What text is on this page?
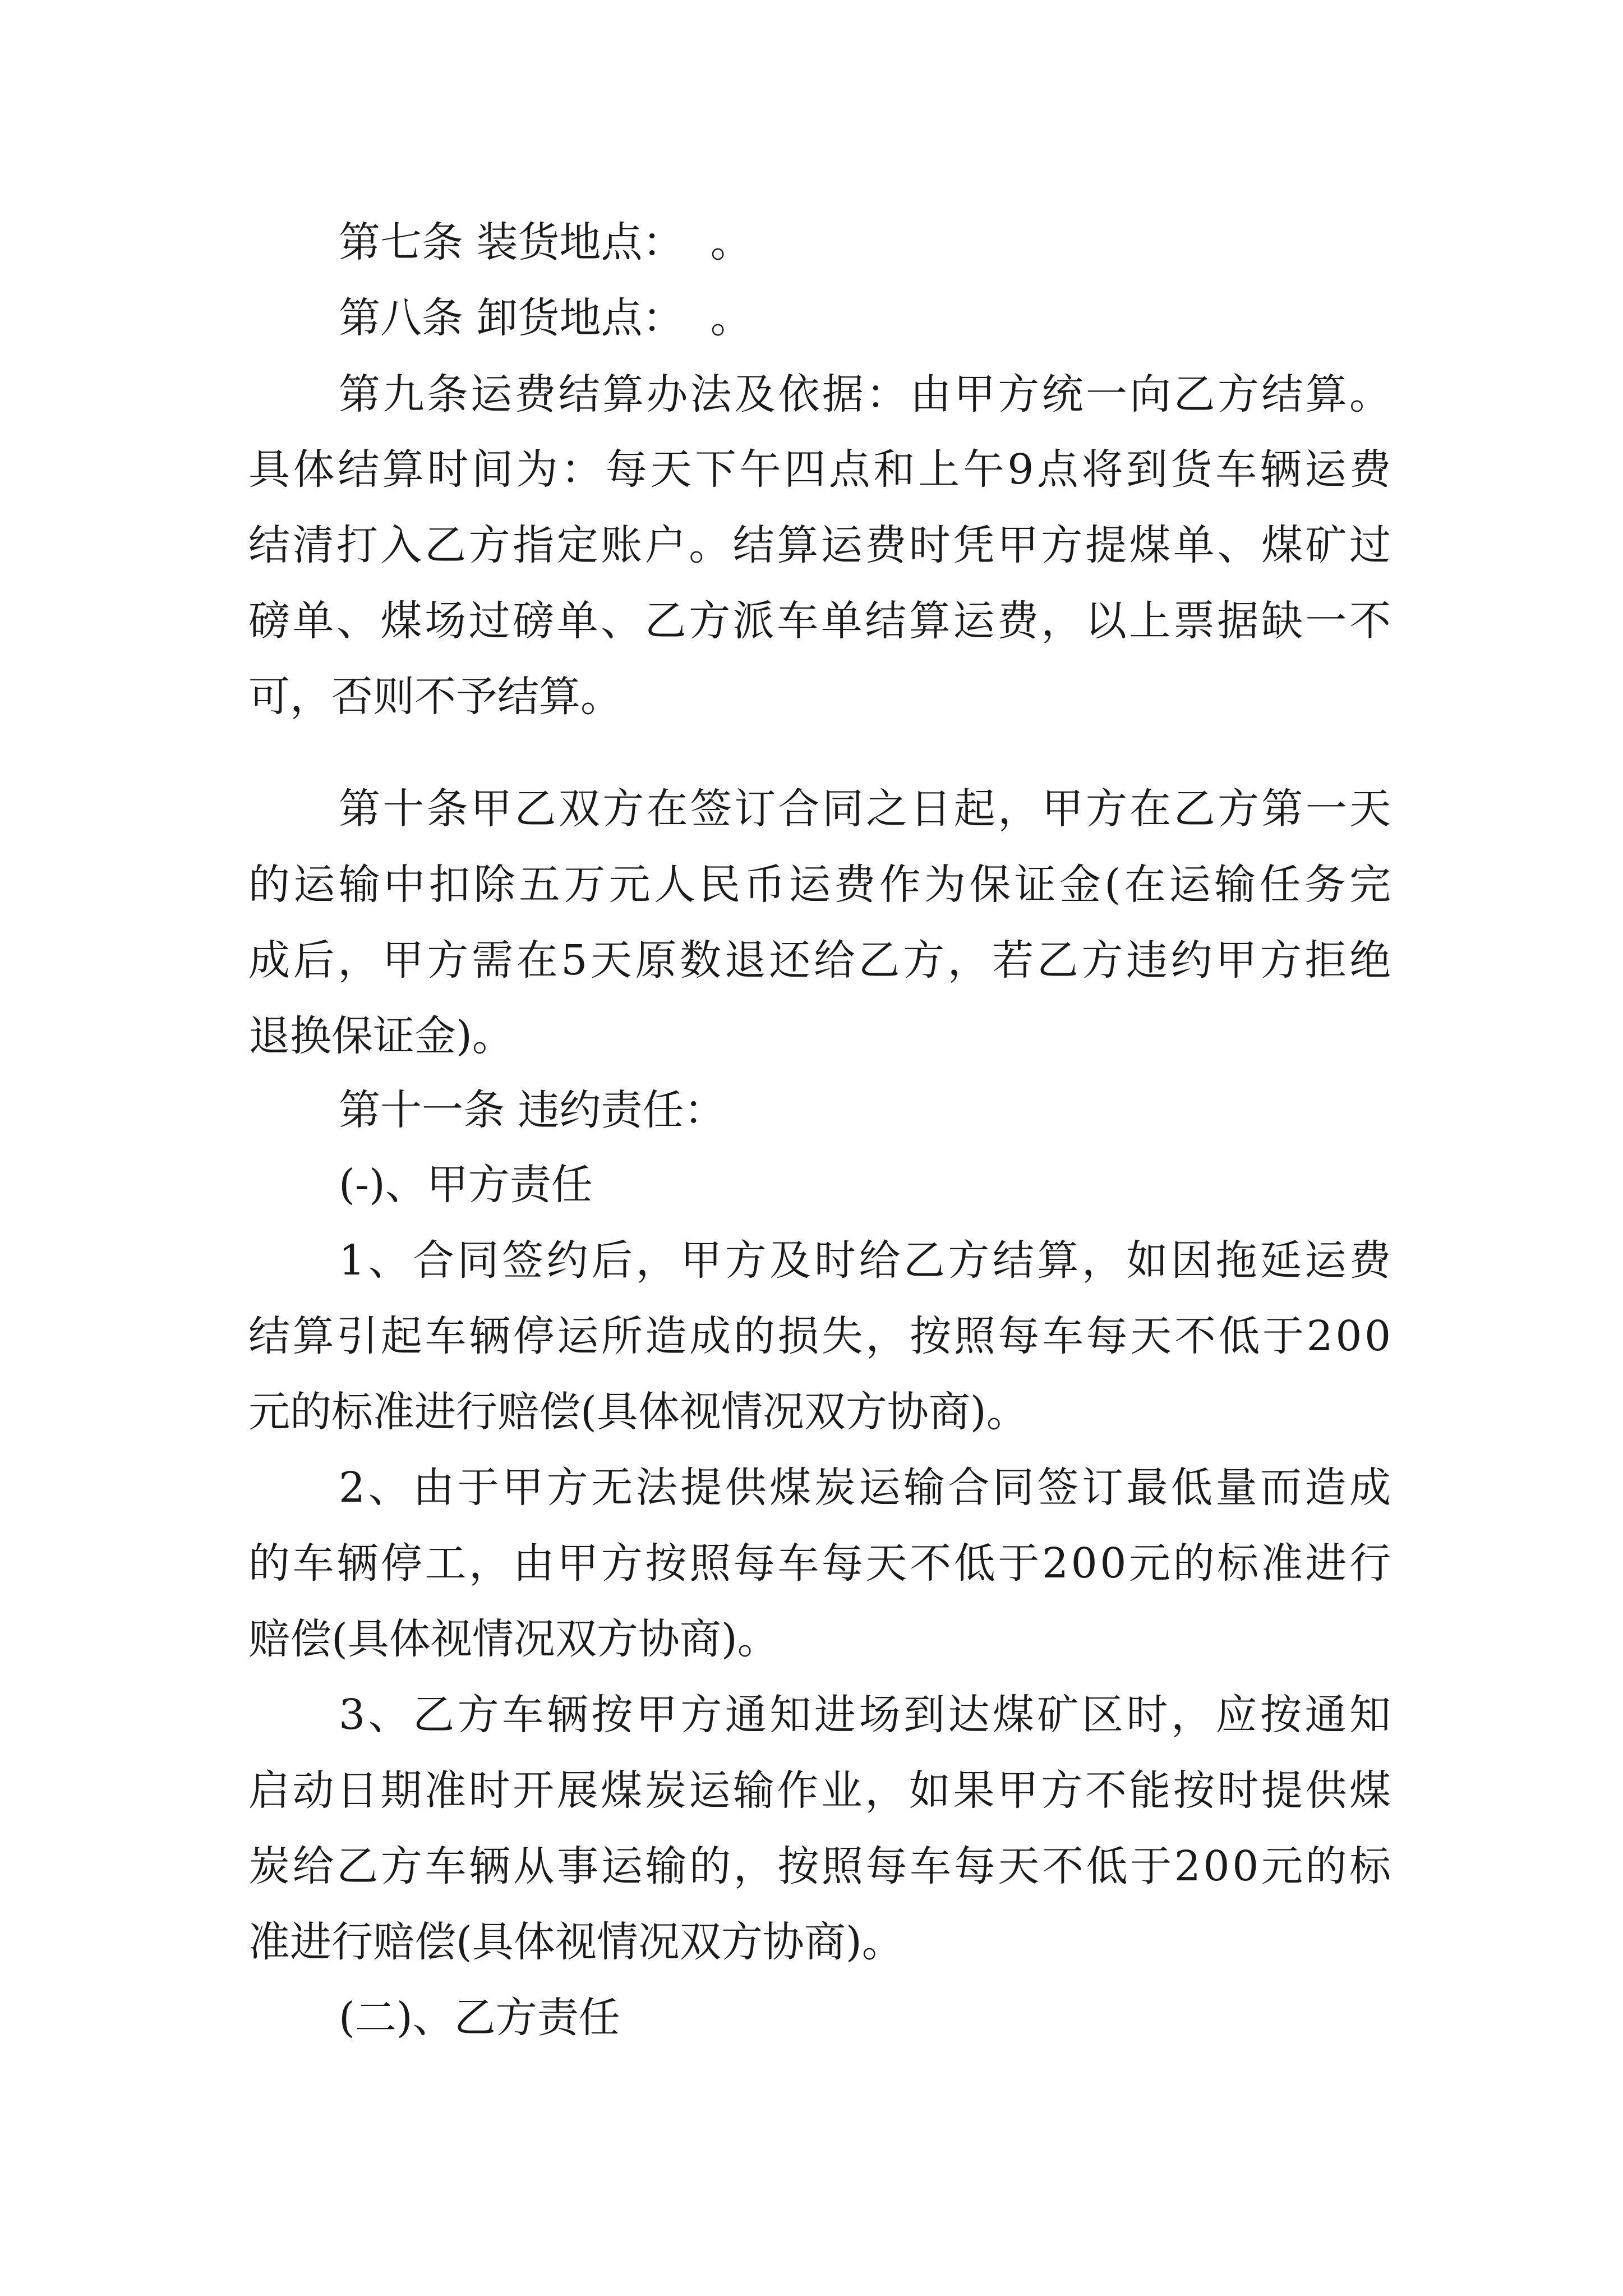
第七条 装货地点：  。
第八条 卸货地点：  。
第九条运费结算办法及依据：由甲方统一向乙方结算。
具体结算时间为：每天下午四点和上午9点将到货车辆运费
结清打入乙方指定账户。结算运费时凭甲方提煤单、煤矿过
磅单、煤场过磅单、乙方派车单结算运费，以上票据缺一不
可，否则不予结算。
第十条甲乙双方在签订合同之日起，甲方在乙方第一天
的运输中扣除五万元人民币运费作为保证金(在运输任务完
成后，甲方需在5天原数退还给乙方，若乙方违约甲方拒绝
退换保证金)。
第十一条 违约责任：
(-)、甲方责任
1、合同签约后，甲方及时给乙方结算，如因拖延运费
结算引起车辆停运所造成的损失，按照每车每天不低于200
元的标准进行赔偿(具体视情况双方协商)。
2、由于甲方无法提供煤炭运输合同签订最低量而造成
的车辆停工，由甲方按照每车每天不低于200元的标准进行
赔偿(具体视情况双方协商)。
3、乙方车辆按甲方通知进场到达煤矿区时，应按通知
启动日期准时开展煤炭运输作业，如果甲方不能按时提供煤
炭给乙方车辆从事运输的，按照每车每天不低于200元的标
准进行赔偿(具体视情况双方协商)。
(二)、乙方责任
